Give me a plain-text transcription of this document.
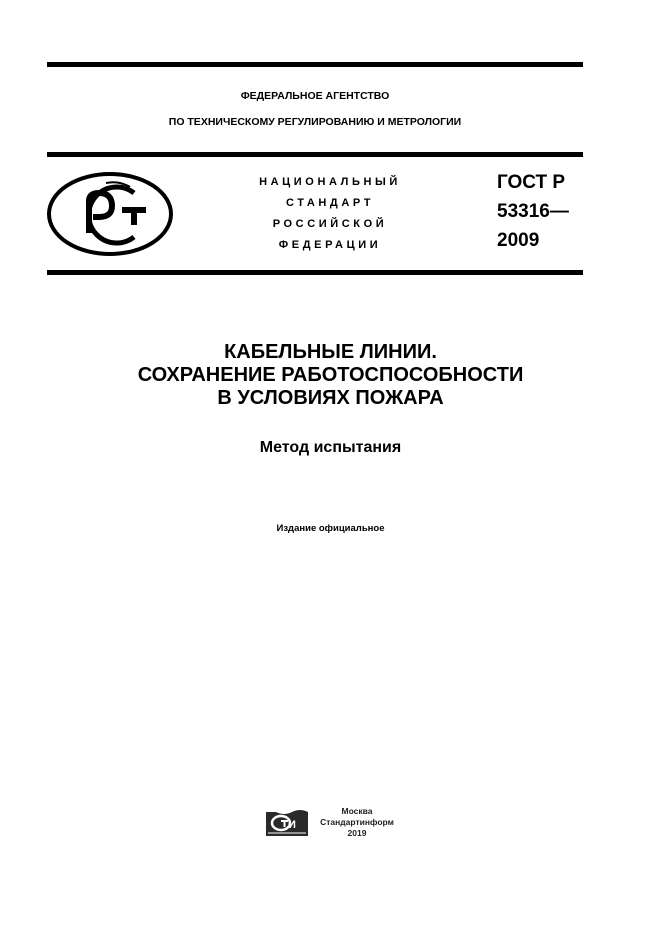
ФЕДЕРАЛЬНОЕ АГЕНТСТВО
ПО ТЕХНИЧЕСКОМУ РЕГУЛИРОВАНИЮ И МЕТРОЛОГИИ
НАЦИОНАЛЬНЫЙ
СТАНДАРТ
РОССИЙСКОЙ
ФЕДЕРАЦИИ
ГОСТ Р
53316—
2009
КАБЕЛЬНЫЕ ЛИНИИ.
СОХРАНЕНИЕ РАБОТОСПОСОБНОСТИ
В УСЛОВИЯХ ПОЖАРА
Метод испытания
Издание официальное
И
Москва
Стандартинформ
2019
